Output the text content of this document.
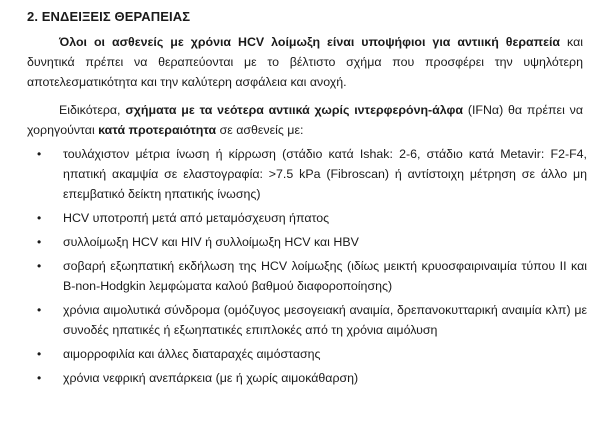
2. ΕΝΔΕΙΞΕΙΣ ΘΕΡΑΠΕΙΑΣ
Όλοι οι ασθενείς με χρόνια HCV λοίμωξη είναι υποψήφιοι για αντιική θεραπεία και δυνητικά πρέπει να θεραπεύονται με το βέλτιστο σχήμα που προσφέρει την υψηλότερη αποτελεσματικότητα και την καλύτερη ασφάλεια και ανοχή.
Ειδικότερα, σχήματα με τα νεότερα αντιικά χωρίς ιντερφερόνη-άλφα (IFNα) θα πρέπει να χορηγούνται κατά προτεραιότητα σε ασθενείς με:
• τουλάχιστον μέτρια ίνωση ή κίρρωση (στάδιο κατά Ishak: 2-6, στάδιο κατά Metavir: F2-F4, ηπατική ακαμψία σε ελαστογραφία: >7.5 kPa (Fibroscan) ή αντίστοιχη μέτρηση σε άλλο μη επεμβατικό δείκτη ηπατικής ίνωσης)
• HCV υποτροπή μετά από μεταμόσχευση ήπατος
• συλλοίμωξη HCV και HIV ή συλλοίμωξη HCV και HBV
• σοβαρή εξωηπατική εκδήλωση της HCV λοίμωξης (ιδίως μεικτή κρυοσφαιριναιμία τύπου II και B-non-Hodgkin λεμφώματα καλού βαθμού διαφοροποίησης)
• χρόνια αιμολυτικά σύνδρομα (ομόζυγος μεσογειακή αναιμία, δρεπανοκυτταρική αναιμία κλπ) με συνοδές ηπατικές ή εξωηπατικές επιπλοκές από τη χρόνια αιμόλυση
• αιμορροφιλία και άλλες διαταραχές αιμόστασης
• χρόνια νεφρική ανεπάρκεια (με ή χωρίς αιμοκάθαρση)
